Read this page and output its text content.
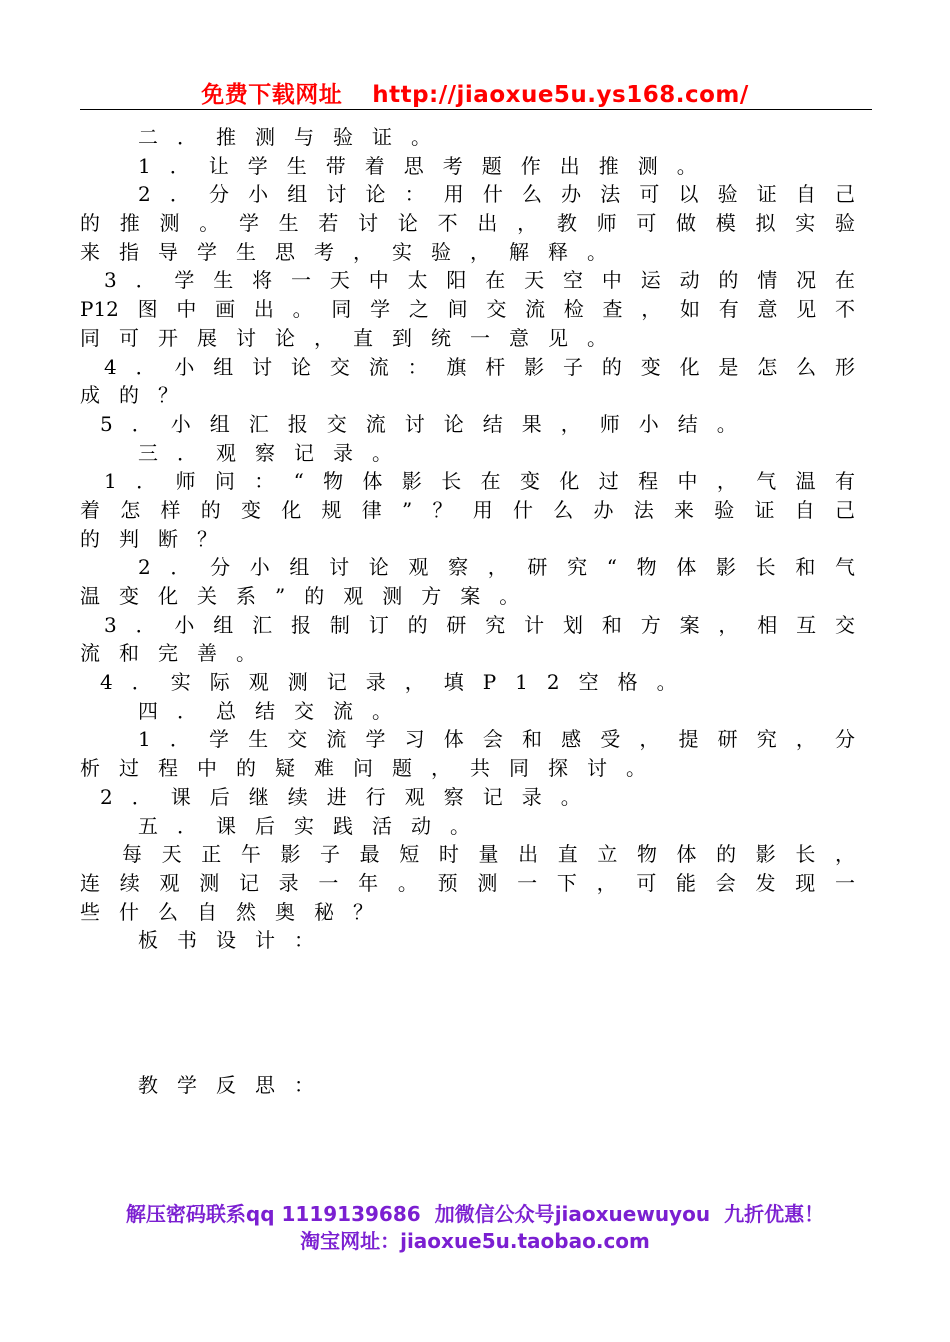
免费下载网址 http://jiaoxue5u.ys168.com/
二．推测与验证。
1．让学生带着思考题作出推测。
2．分小组讨论：用什么办法可以验证自己
的推测。学生若讨论不出，教师可做模拟实验
来指导学生思考，实验，解释。
3．学生将一天中太阳在天空中运动的情况在
P12图中画出。同学之间交流检查，如有意见不
同可开展讨论，直到统一意见。
4．小组讨论交流：旗杆影子的变化是怎么形
成的？
5．小组汇报交流讨论结果，师小结。
三．观察记录。
1．师问：“物体影长在变化过程中，气温有
着怎样的变化规律”？用什么办法来验证自己
的判断？
2．分小组讨论观察，研究“物体影长和气
温变化关系”的观测方案。
3．小组汇报制订的研究计划和方案，相互交
流和完善。
4．实际观测记录，填P12空格。
四．总结交流。
1．学生交流学习体会和感受，提研究，分
析过程中的疑难问题，共同探讨。
2．课后继续进行观察记录。
五．课后实践活动。
每天正午影子最短时量出直立物体的影长，
连续观测记录一年。预测一下，可能会发现一
些什么自然奥秘？
板书设计：
教学反思：
解压密码联系qq 1119139686 加微信公众号jiaoxuewuyou 九折优惠！
淘宝网址：jiaoxue5u.taobao.com
